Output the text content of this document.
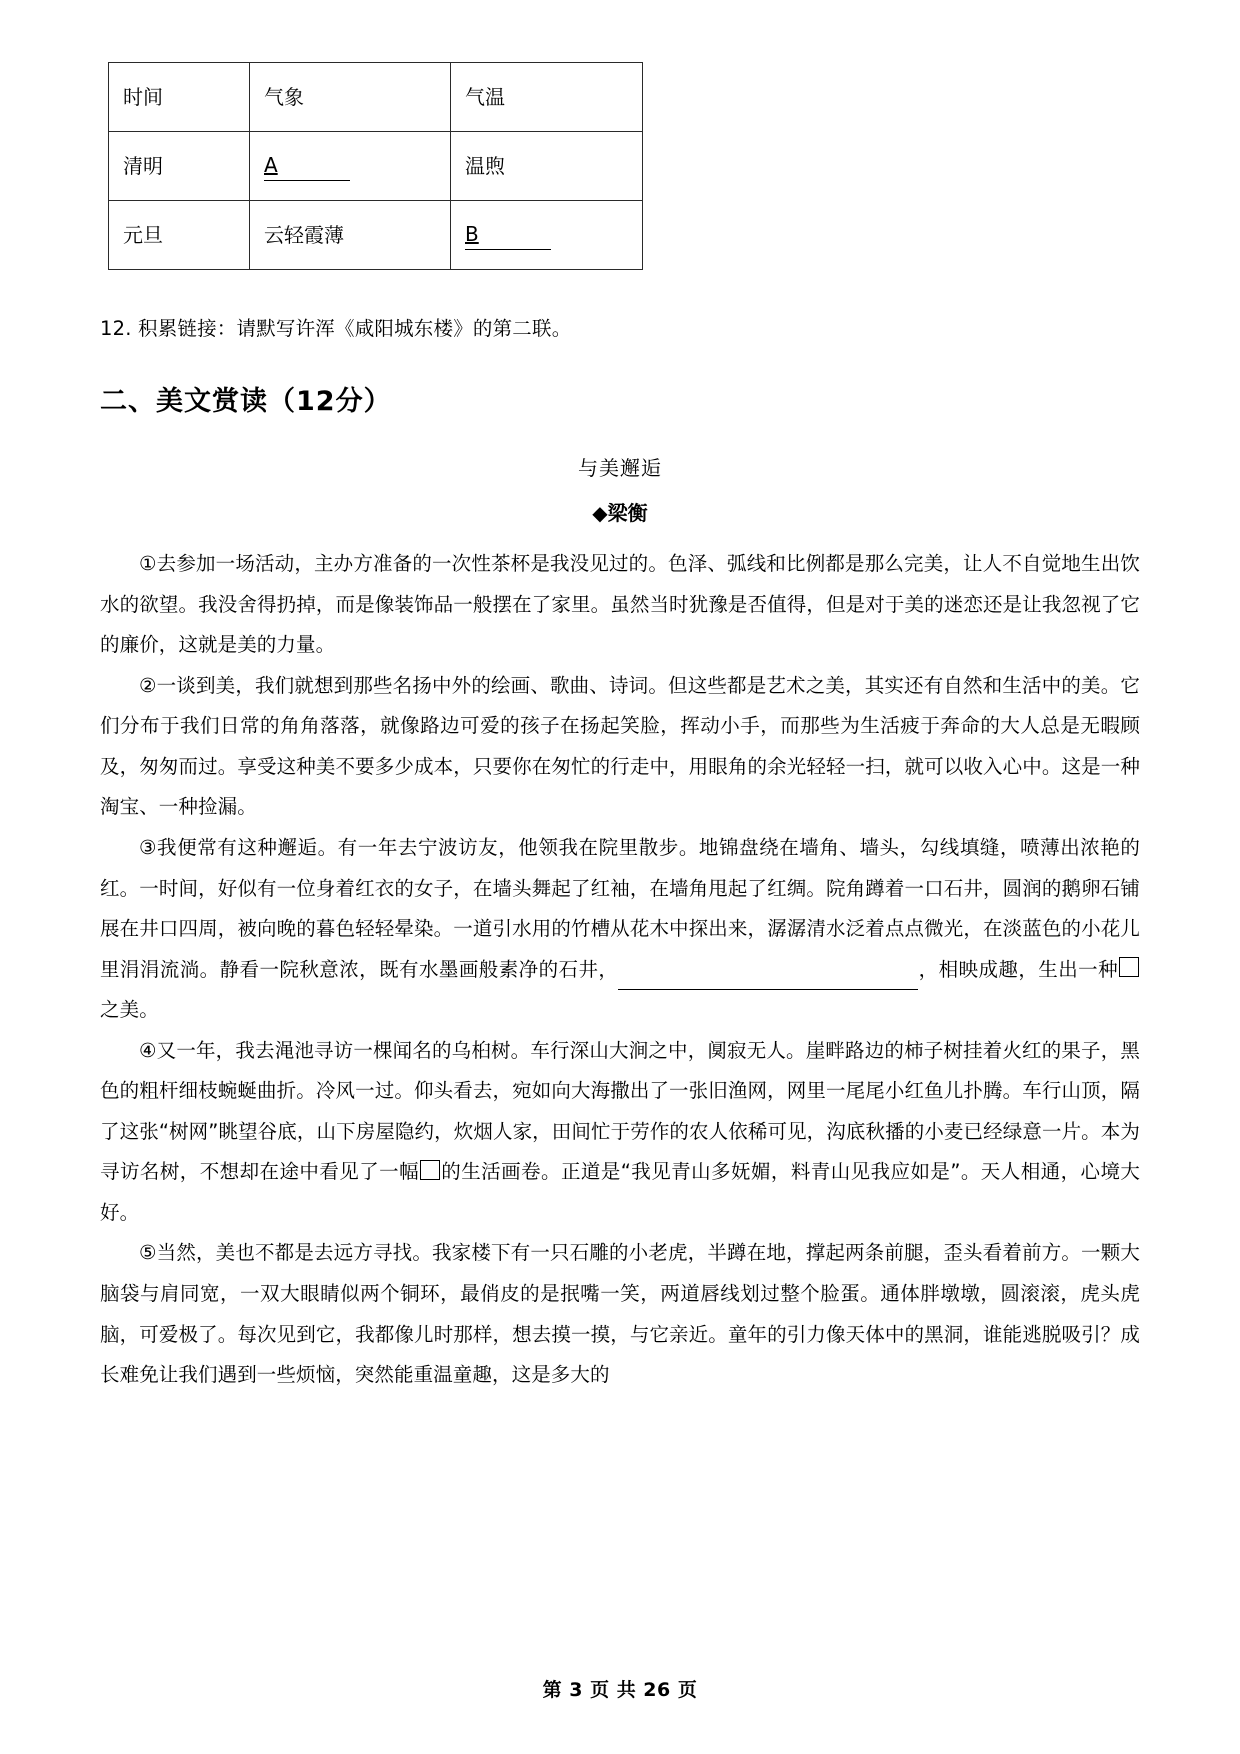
时间	气象	气温
清明	A	温煦
元旦	云轻霞薄	B
12. 积累链接：请默写许浑《咸阳城东楼》的第二联。
二、美文赏读（12分）
与美邂逅
◆梁衡

①去参加一场活动，主办方准备的一次性茶杯是我没见过的。色泽、弧线和比例都是那么完美，让人不自觉地生出饮水的欲望。我没舍得扔掉，而是像装饰品一般摆在了家里。虽然当时犹豫是否值得，但是对于美的迷恋还是让我忽视了它的廉价，这就是美的力量。

②一谈到美，我们就想到那些名扬中外的绘画、歌曲、诗词。但这些都是艺术之美，其实还有自然和生活中的美。它们分布于我们日常的角角落落，就像路边可爱的孩子在扬起笑脸，挥动小手，而那些为生活疲于奔命的大人总是无暇顾及，匆匆而过。享受这种美不要多少成本，只要你在匆忙的行走中，用眼角的余光轻轻一扫，就可以收入心中。这是一种淘宝、一种捡漏。

③我便常有这种邂逅。有一年去宁波访友，他领我在院里散步。地锦盘绕在墙角、墙头，勾线填缝，喷薄出浓艳的红。一时间，好似有一位身着红衣的女子，在墙头舞起了红袖，在墙角甩起了红绸。院角蹲着一口石井，圆润的鹅卵石铺展在井口四周，被向晚的暮色轻轻晕染。一道引水用的竹槽从花木中探出来，潺潺清水泛着点点微光，在淡蓝色的小花儿里涓涓流淌。静看一院秋意浓，既有水墨画般素净的石井，	，相映成趣，生出一种之美。

④又一年，我去渑池寻访一棵闻名的乌桕树。车行深山大涧之中，阒寂无人。崖畔路边的柿子树挂着火红的果子，黑色的粗杆细枝蜿蜒曲折。冷风一过。仰头看去，宛如向大海撒出了一张旧渔网，网里一尾尾小红鱼儿扑腾。车行山顶，隔了这张“树网”眺望谷底，山下房屋隐约，炊烟人家，田间忙于劳作的农人依稀可见，沟底秋播的小麦已经绿意一片。本为寻访名树，不想却在途中看见了一幅 的生活画卷。正道是“我见青山多妩媚，料青山见我应如是”。天人相通，心境大好。

⑤当然，美也不都是去远方寻找。我家楼下有一只石雕的小老虎，半蹲在地，撑起两条前腿，歪头看着前方。一颗大脑袋与肩同宽，一双大眼睛似两个铜环，最俏皮的是抿嘴一笑，两道唇线划过整个脸蛋。通体胖墩墩，圆滚滚，虎头虎脑，可爱极了。每次见到它，我都像儿时那样，想去摸一摸，与它亲近。童年的引力像天体中的黑洞，谁能逃脱吸引？成长难免让我们遇到一些烦恼，突然能重温童趣，这是多大的

第 3 页 共 26 页
